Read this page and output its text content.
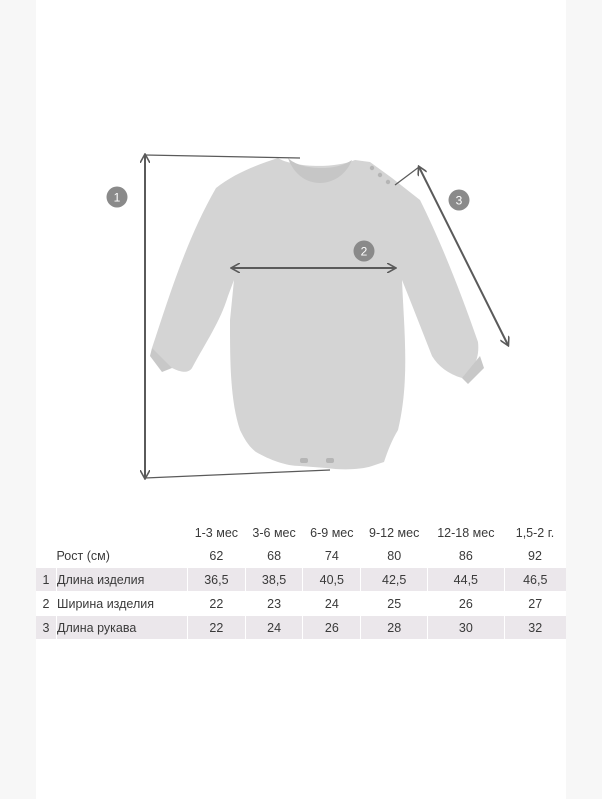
1
2
3
		1-3 мес	3-6 мес	6-9 мес	9-12 мес	12-18 мес	1,5-2 г.
	Рост (см)	62	68	74	80	86	92
1	Длина изделия	36,5	38,5	40,5	42,5	44,5	46,5
2	Ширина изделия	22	23	24	25	26	27
3	Длина рукава	22	24	26	28	30	32
